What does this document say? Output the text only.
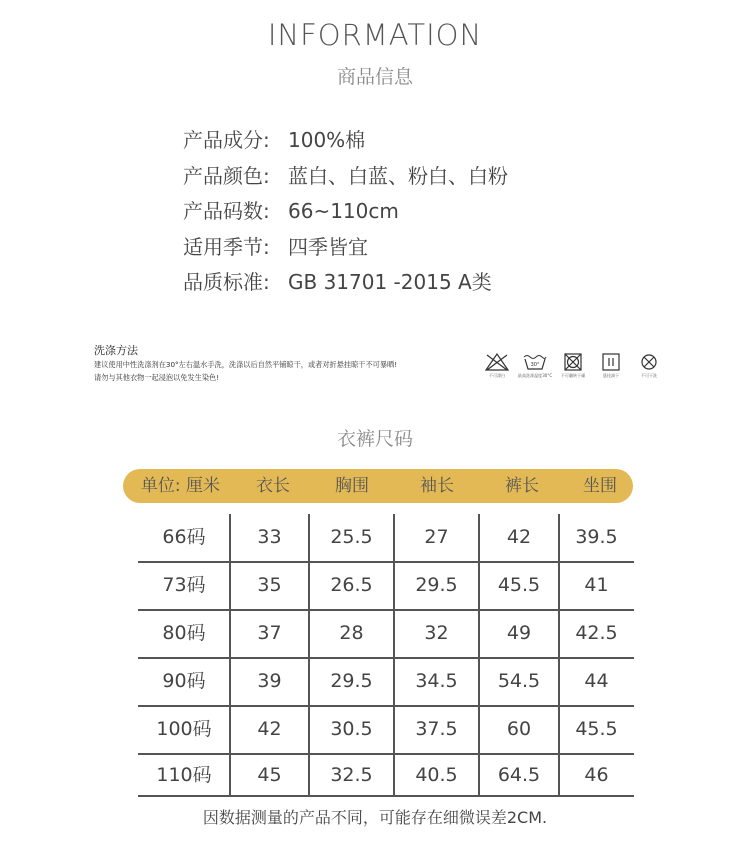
INFORMATION
商品信息
产品成分: 100%棉
产品颜色: 蓝白、白蓝、粉白、白粉
产品码数: 66~110cm
适用季节: 四季皆宜
品质标准: GB 31701 -2015 A类
洗涤方法
建议使用中性洗涤剂在30°左右温水手洗，洗涤以后自然平铺晾干，或者对折悬挂晾干不可暴晒!
请勿与其他衣物一起浸泡以免发生染色!	不可漂白
30°
最高洗涤温度30°C	不可翻转干燥	悬挂滴干	不可干洗
衣裤尺码
单位: 厘米	衣长	胸围	袖长	裤长	坐围
66码	33	25.5	27	42	39.5
73码	35	26.5	29.5	45.5	41
80码	37	28	32	49	42.5
90码	39	29.5	34.5	54.5	44
100码	42	30.5	37.5	60	45.5
110码	45	32.5	40.5	64.5	46
因数据测量的产品不同，可能存在细微误差2CM.
